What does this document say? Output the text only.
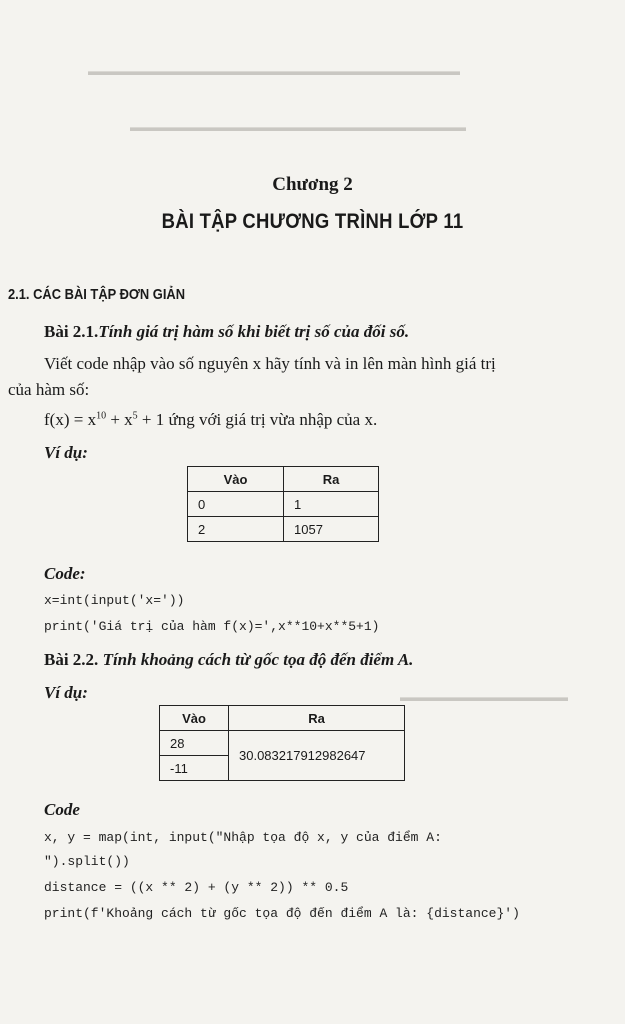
▬▬▬▬▬▬▬▬▬▬▬▬▬▬▬▬▬▬▬▬▬▬▬▬▬▬▬▬▬▬▬
▬▬▬▬▬▬▬▬▬▬▬▬▬▬▬▬▬▬▬▬▬▬▬▬▬▬▬▬
▬▬▬▬▬▬▬▬▬▬▬▬▬▬
Chương 2
BÀI TẬP CHƯƠNG TRÌNH LỚP 11
2.1. CÁC BÀI TẬP ĐƠN GIẢN
Bài 2.1.Tính giá trị hàm số khi biết trị số của đối số.
Viết code nhập vào số nguyên x hãy tính và in lên màn hình giá trị
của hàm số:
$f(x) = x^{10} + x^5 + 1$ ứng với giá trị vừa nhập của x.
Ví dụ:
Vào	Ra
0	1
2	1057
Code:
x=int(input('x='))
print('Giá trị của hàm f(x)=',x**10+x**5+1)
Bài 2.2. Tính khoảng cách từ gốc tọa độ đến điểm A.
Ví dụ:
Vào	Ra
28	30.083217912982647
-11	
Code
x, y = map(int, input("Nhập tọa độ x, y của điểm A:
").split())
distance = ((x ** 2) + (y ** 2)) ** 0.5
print(f'Khoảng cách từ gốc tọa độ đến điểm A là: {distance}')
